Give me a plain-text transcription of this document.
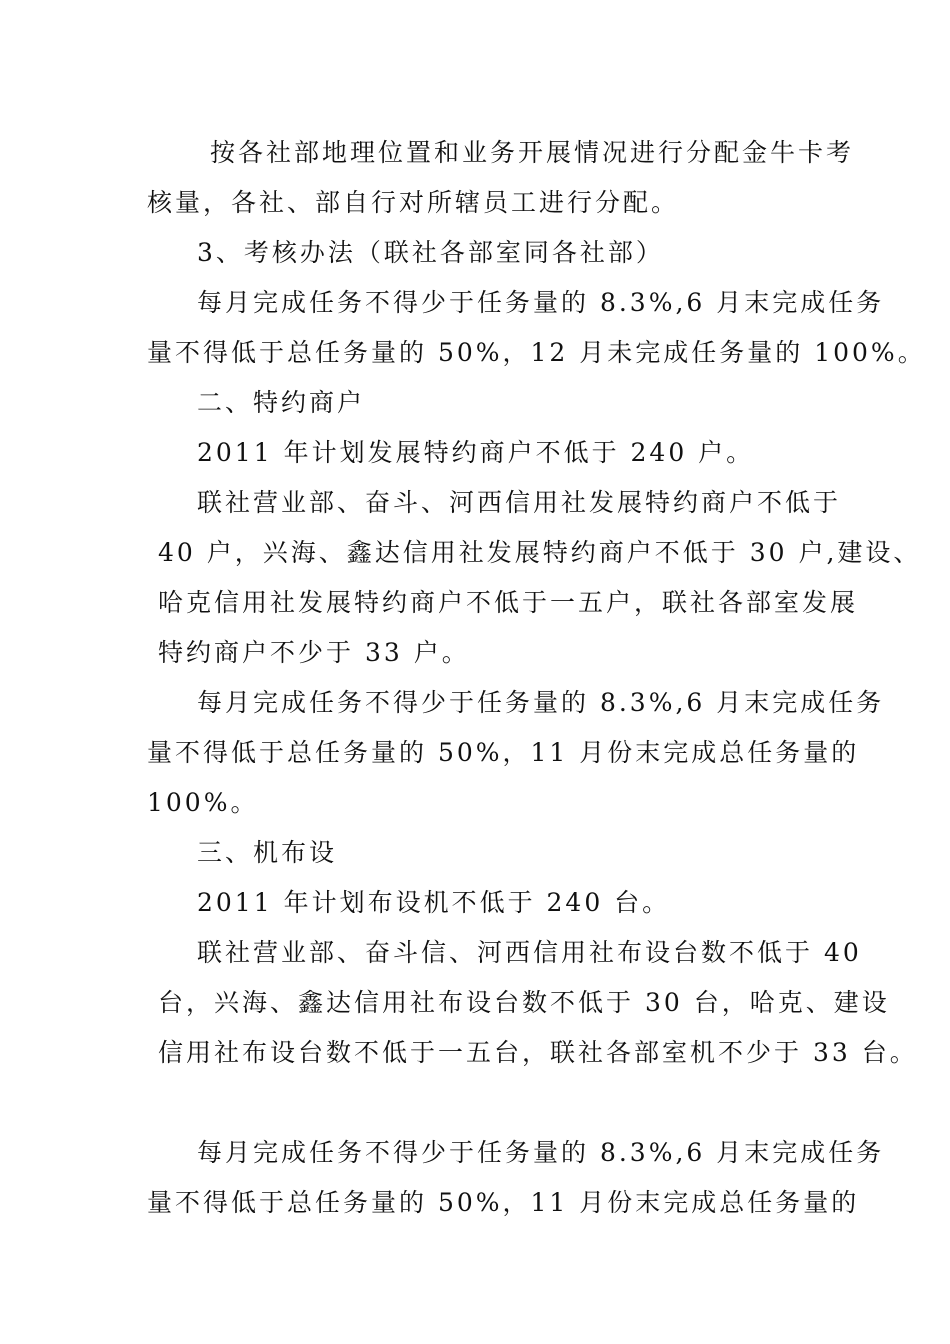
按各社部地理位置和业务开展情况进行分配金牛卡考
核量，各社、部自行对所辖员工进行分配。
3、考核办法（联社各部室同各社部）
每月完成任务不得少于任务量的 8.3%,6 月末完成任务
量不得低于总任务量的 50%，12 月未完成任务量的 100%。
二、特约商户
2011 年计划发展特约商户不低于 240 户。
联社营业部、奋斗、河西信用社发展特约商户不低于
40 户，兴海、鑫达信用社发展特约商户不低于 30 户,建设、
哈克信用社发展特约商户不低于一五户，联社各部室发展
特约商户不少于 33 户。
每月完成任务不得少于任务量的 8.3%,6 月末完成任务
量不得低于总任务量的 50%，11 月份末完成总任务量的
100%。
三、机布设
2011 年计划布设机不低于 240 台。
联社营业部、奋斗信、河西信用社布设台数不低于 40
台，兴海、鑫达信用社布设台数不低于 30 台，哈克、建设
信用社布设台数不低于一五台，联社各部室机不少于 33 台。
每月完成任务不得少于任务量的 8.3%,6 月末完成任务
量不得低于总任务量的 50%，11 月份末完成总任务量的
